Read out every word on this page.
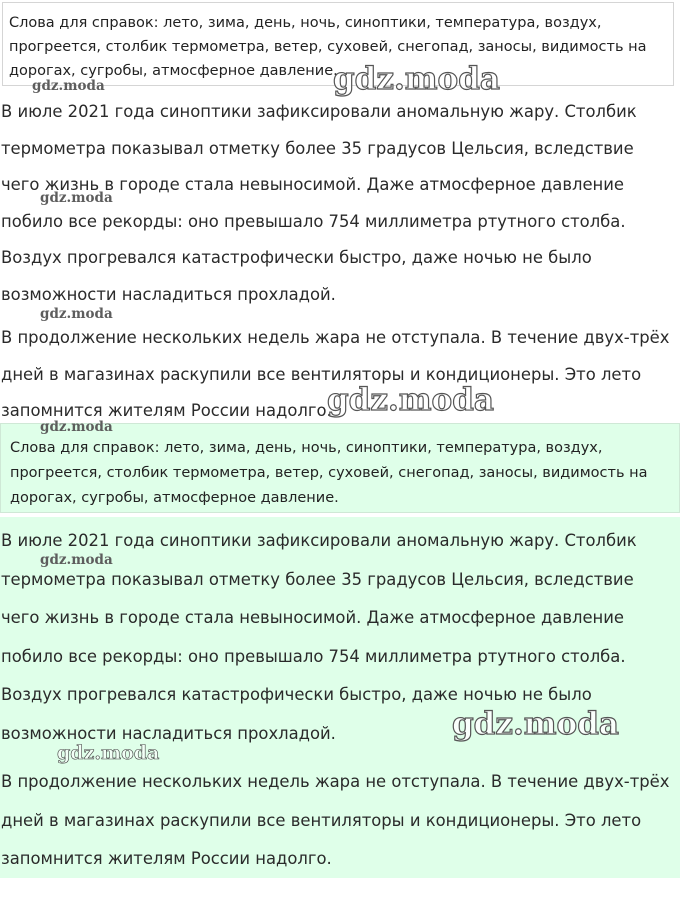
Слова для справок: лето, зима, день, ночь, синоптики, температура, воздух, прогреется, столбик термометра, ветер, суховей, снегопад, заносы, видимость на дорогах, сугробы, атмосферное давление.

В июле 2021 года синоптики зафиксировали аномальную жару. Столбик термометра показывал отметку более 35 градусов Цельсия, вследствие чего жизнь в городе стала невыносимой. Даже атмосферное давление побило все рекорды: оно превышало 754 миллиметра ртутного столба. Воздух прогревался катастрофически быстро, даже ночью не было возможности насладиться прохладой.

В продолжение нескольких недель жара не отступала. В течение двух-трёх дней в магазинах раскупили все вентиляторы и кондиционеры. Это лето запомнится жителям России надолго.

Слова для справок: лето, зима, день, ночь, синоптики, температура, воздух, прогреется, столбик термометра, ветер, суховей, снегопад, заносы, видимость на дорогах, сугробы, атмосферное давление.

В июле 2021 года синоптики зафиксировали аномальную жару. Столбик термометра показывал отметку более 35 градусов Цельсия, вследствие чего жизнь в городе стала невыносимой. Даже атмосферное давление побило все рекорды: оно превышало 754 миллиметра ртутного столба. Воздух прогревался катастрофически быстро, даже ночью не было возможности насладиться прохладой.

В продолжение нескольких недель жара не отступала. В течение двух-трёх дней в магазинах раскупили все вентиляторы и кондиционеры. Это лето запомнится жителям России надолго.

gdz.moda
gdz.moda
gdz.moda
gdz.moda
gdz.moda
gdz.moda
gdz.moda
gdz.moda
gdz.moda
